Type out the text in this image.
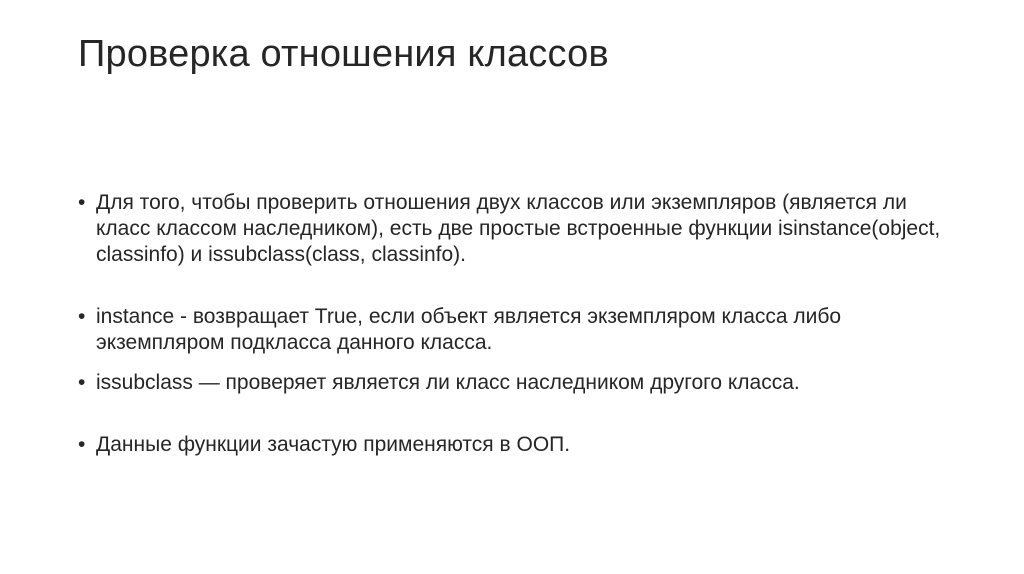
Проверка отношения классов
• Для того, чтобы проверить отношения двух классов или экземпляров (является ли класс классом наследником), есть две простые встроенные функции isinstance(object, classinfo) и issubclass(class, classinfo).
• instance - возвращает True, если объект является экземпляром класса либо экземпляром подкласса данного класса.
• issubclass — проверяет является ли класс наследником другого класса.
• Данные функции зачастую применяются в ООП.
